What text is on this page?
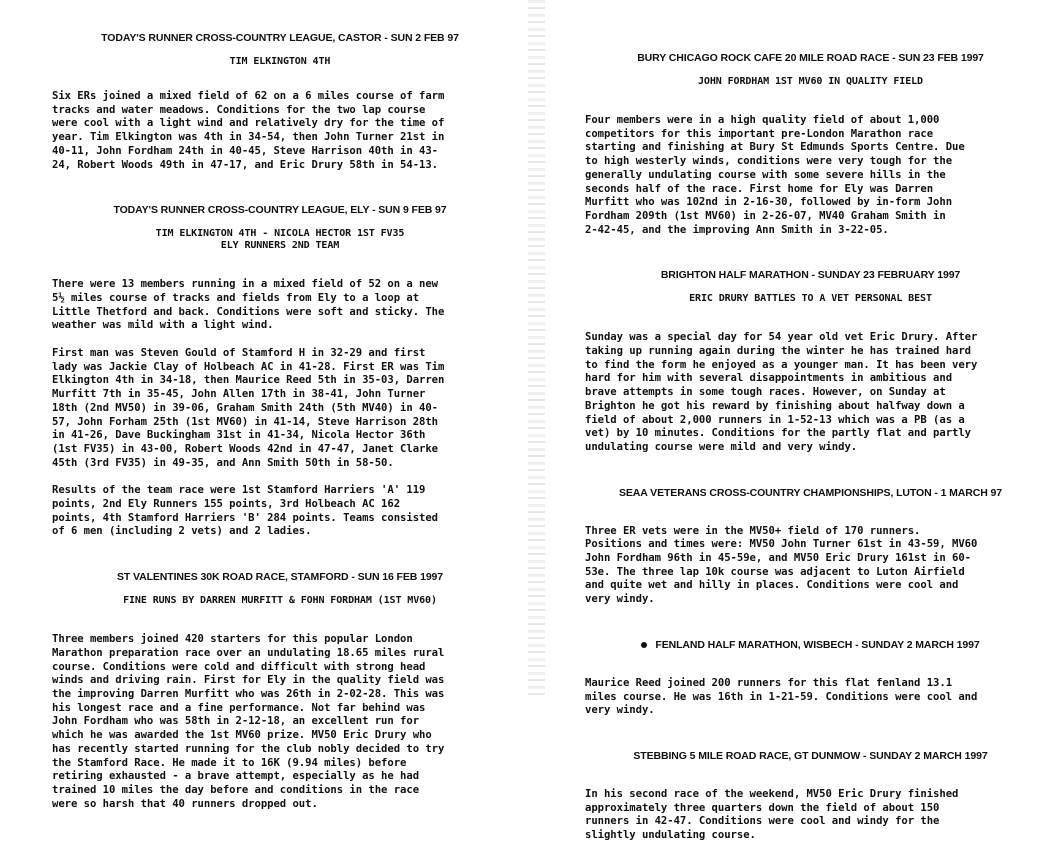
TODAY'S RUNNER CROSS-COUNTRY LEAGUE, CASTOR - SUN 2 FEB 97

TIM ELKINGTON 4TH

Six ERs joined a mixed field of 62 on a 6 miles course of farm
tracks and water meadows. Conditions for the two lap course
were cool with a light wind and relatively dry for the time of
year. Tim Elkington was 4th in 34-54, then John Turner 21st in
40-11, John Fordham 24th in 40-45, Steve Harrison 40th in 43-
24, Robert Woods 49th in 47-17, and Eric Drury 58th in 54-13.

TODAY'S RUNNER CROSS-COUNTRY LEAGUE, ELY - SUN 9 FEB 97

TIM ELKINGTON 4TH - NICOLA HECTOR 1ST FV35
ELY RUNNERS 2ND TEAM

There were 13 members running in a mixed field of 52 on a new
5½ miles course of tracks and fields from Ely to a loop at
Little Thetford and back. Conditions were soft and sticky. The
weather was mild with a light wind.

First man was Steven Gould of Stamford H in 32-29 and first
lady was Jackie Clay of Holbeach AC in 41-28. First ER was Tim
Elkington 4th in 34-18, then Maurice Reed 5th in 35-03, Darren
Murfitt 7th in 35-45, John Allen 17th in 38-41, John Turner
18th (2nd MV50) in 39-06, Graham Smith 24th (5th MV40) in 40-
57, John Forham 25th (1st MV60) in 41-14, Steve Harrison 28th
in 41-26, Dave Buckingham 31st in 41-34, Nicola Hector 36th
(1st FV35) in 43-00, Robert Woods 42nd in 47-47, Janet Clarke
45th (3rd FV35) in 49-35, and Ann Smith 50th in 58-50.

Results of the team race were 1st Stamford Harriers 'A' 119
points, 2nd Ely Runners 155 points, 3rd Holbeach AC 162
points, 4th Stamford Harriers 'B' 284 points. Teams consisted
of 6 men (including 2 vets) and 2 ladies.

ST VALENTINES 30K ROAD RACE, STAMFORD - SUN 16 FEB 1997

FINE RUNS BY DARREN MURFITT & FOHN FORDHAM (1ST MV60)

Three members joined 420 starters for this popular London
Marathon preparation race over an undulating 18.65 miles rural
course. Conditions were cold and difficult with strong head
winds and driving rain. First for Ely in the quality field was
the improving Darren Murfitt who was 26th in 2-02-28. This was
his longest race and a fine performance. Not far behind was
John Fordham who was 58th in 2-12-18, an excellent run for
which he was awarded the 1st MV60 prize. MV50 Eric Drury who
has recently started running for the club nobly decided to try
the Stamford Race. He made it to 16K (9.94 miles) before
retiring exhausted - a brave attempt, especially as he had
trained 10 miles the day before and conditions in the race
were so harsh that 40 runners dropped out.

BURY CHICAGO ROCK CAFE 20 MILE ROAD RACE - SUN 23 FEB 1997

JOHN FORDHAM 1ST MV60 IN QUALITY FIELD

Four members were in a high quality field of about 1,000
competitors for this important pre-London Marathon race
starting and finishing at Bury St Edmunds Sports Centre. Due
to high westerly winds, conditions were very tough for the
generally undulating course with some severe hills in the
seconds half of the race. First home for Ely was Darren
Murfitt who was 102nd in 2-16-30, followed by in-form John
Fordham 209th (1st MV60) in 2-26-07, MV40 Graham Smith in
2-42-45, and the improving Ann Smith in 3-22-05.

BRIGHTON HALF MARATHON - SUNDAY 23 FEBRUARY 1997

ERIC DRURY BATTLES TO A VET PERSONAL BEST

Sunday was a special day for 54 year old vet Eric Drury. After
taking up running again during the winter he has trained hard
to find the form he enjoyed as a younger man. It has been very
hard for him with several disappointments in ambitious and
brave attempts in some tough races. However, on Sunday at
Brighton he got his reward by finishing about halfway down a
field of about 2,000 runners in 1-52-13 which was a PB (as a
vet) by 10 minutes. Conditions for the partly flat and partly
undulating course were mild and very windy.

SEAA VETERANS CROSS-COUNTRY CHAMPIONSHIPS, LUTON - 1 MARCH 97

Three ER vets were in the MV50+ field of 170 runners.
Positions and times were: MV50 John Turner 61st in 43-59, MV60
John Fordham 96th in 45-59e, and MV50 Eric Drury 161st in 60-
53e. The three lap 10k course was adjacent to Luton Airfield
and quite wet and hilly in places. Conditions were cool and
very windy.

FENLAND HALF MARATHON, WISBECH - SUNDAY 2 MARCH 1997

Maurice Reed joined 200 runners for this flat fenland 13.1
miles course. He was 16th in 1-21-59. Conditions were cool and
very windy.

STEBBING 5 MILE ROAD RACE, GT DUNMOW - SUNDAY 2 MARCH 1997

In his second race of the weekend, MV50 Eric Drury finished
approximately three quarters down the field of about 150
runners in 42-47. Conditions were cool and windy for the
slightly undulating course.
